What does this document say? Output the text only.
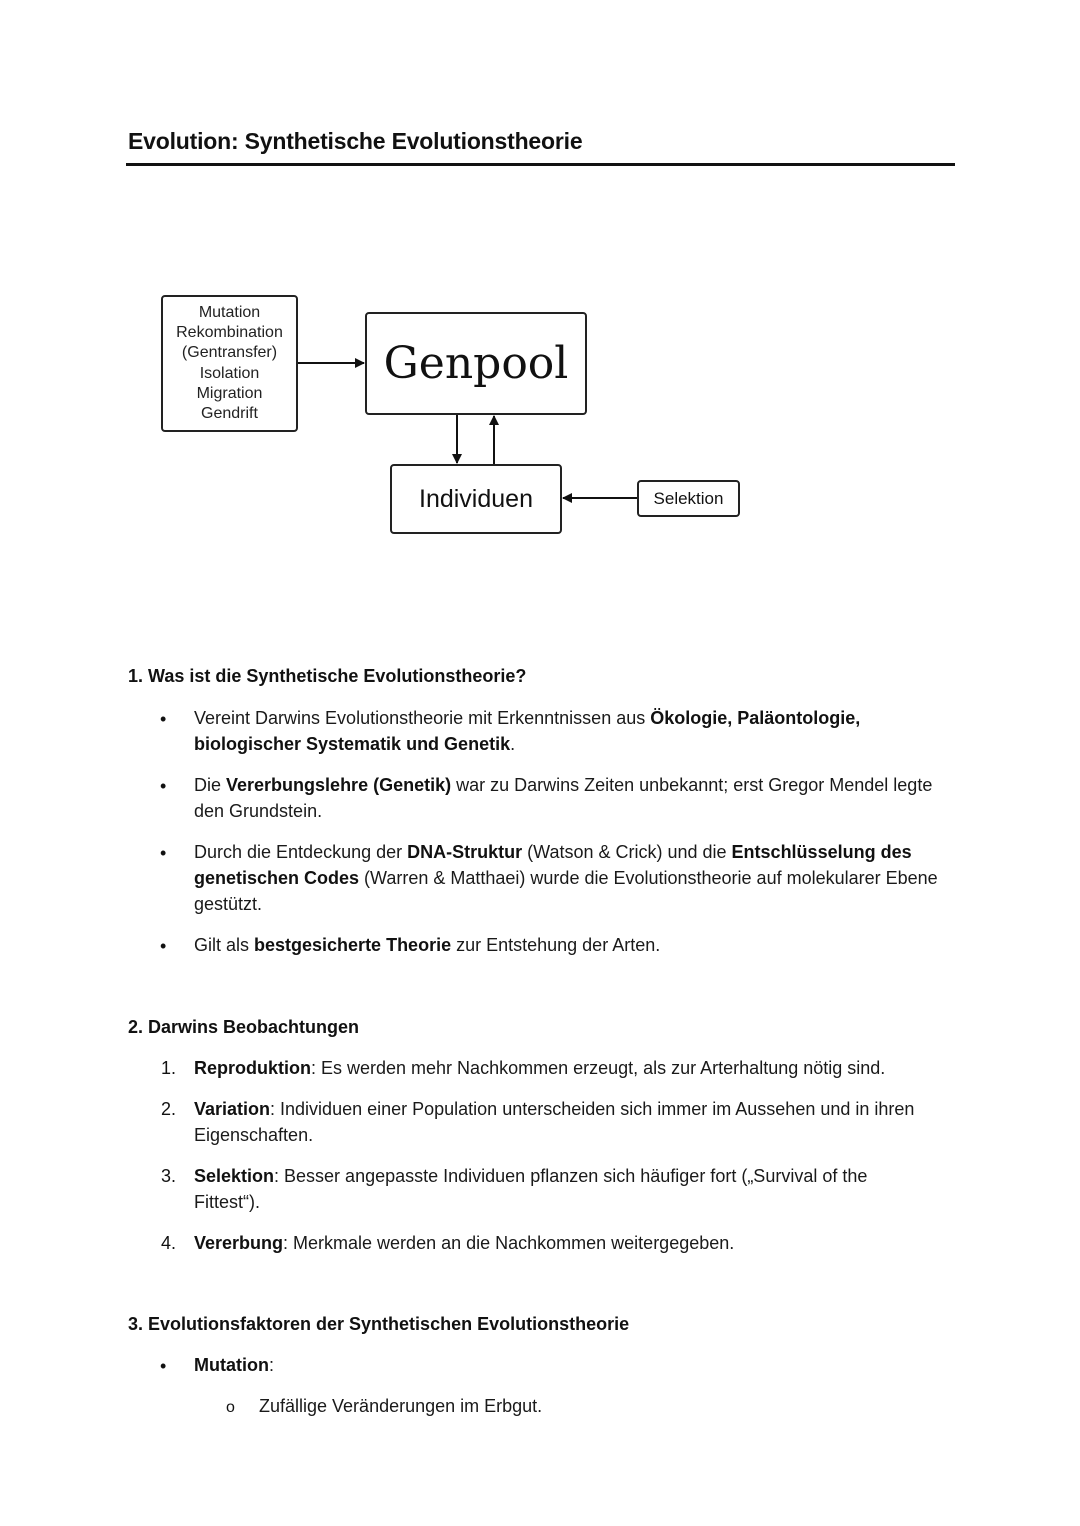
Evolution: Synthetische Evolutionstheorie
Mutation
Rekombination
(Gentransfer)
Isolation
Migration
Gendrift
Genpool
Individuen	Selektion
1. Was ist die Synthetische Evolutionstheorie?
• Vereint Darwins Evolutionstheorie mit Erkenntnissen aus Ökologie, Paläontologie, biologischer Systematik und Genetik.
• Die Vererbungslehre (Genetik) war zu Darwins Zeiten unbekannt; erst Gregor Mendel legte den Grundstein.
• Durch die Entdeckung der DNA-Struktur (Watson & Crick) und die Entschlüsselung des genetischen Codes (Warren & Matthaei) wurde die Evolutionstheorie auf molekularer Ebene gestützt.
• Gilt als bestgesicherte Theorie zur Entstehung der Arten.
2. Darwins Beobachtungen
1. Reproduktion: Es werden mehr Nachkommen erzeugt, als zur Arterhaltung nötig sind.
2. Variation: Individuen einer Population unterscheiden sich immer im Aussehen und in ihren Eigenschaften.
3. Selektion: Besser angepasste Individuen pflanzen sich häufiger fort („Survival of the Fittest“).
4. Vererbung: Merkmale werden an die Nachkommen weitergegeben.
3. Evolutionsfaktoren der Synthetischen Evolutionstheorie
• Mutation:
o Zufällige Veränderungen im Erbgut.
